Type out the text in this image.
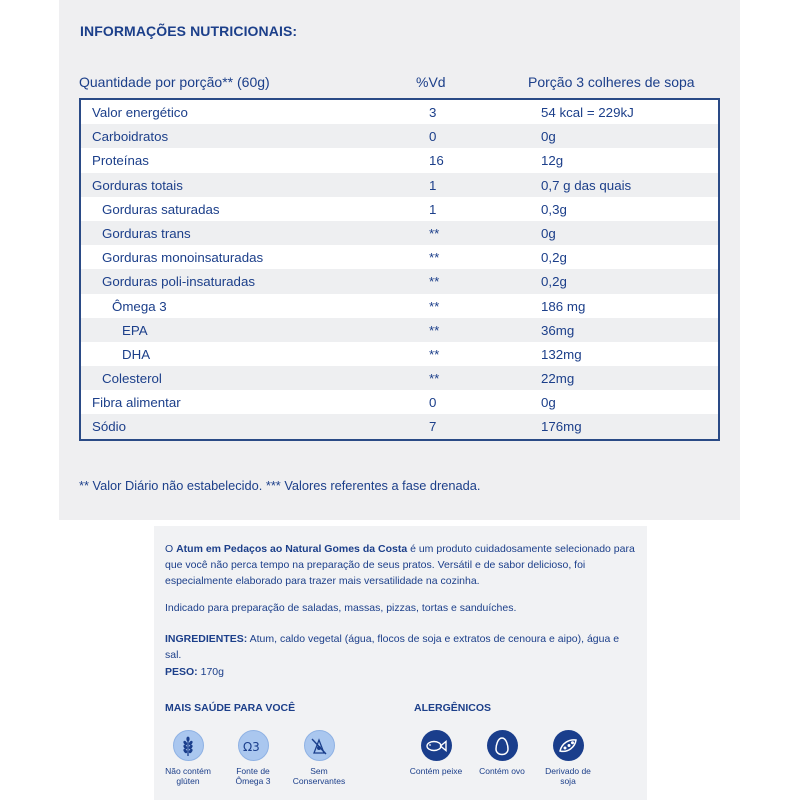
INFORMAÇÕES NUTRICIONAIS:
Quantidade por porção** (60g)	%Vd	Porção 3 colheres de sopa
Valor energético	3	54 kcal = 229kJ
Carboidratos	0	0g
Proteínas	16	12g
Gorduras totais	1	0,7 g das quais
Gorduras saturadas	1	0,3g
Gorduras trans	**	0g
Gorduras monoinsaturadas	**	0,2g
Gorduras poli-insaturadas	**	0,2g
Ômega 3	**	186 mg
EPA	**	36mg
DHA	**	132mg
Colesterol	**	22mg
Fibra alimentar	0	0g
Sódio	7	176mg
** Valor Diário não estabelecido. *** Valores referentes a fase drenada.
O Atum em Pedaços ao Natural Gomes da Costa é um produto cuidadosamente selecionado para que você não perca tempo na preparação de seus pratos. Versátil e de sabor delicioso, foi especialmente elaborado para trazer mais versatilidade na cozinha.
Indicado para preparação de saladas, massas, pizzas, tortas e sanduíches.
INGREDIENTES: Atum, caldo vegetal (água, flocos de soja e extratos de cenoura e aipo), água e sal.
PESO: 170g
MAIS SAÚDE PARA VOCÊ	ALERGÊNICOS
Não contém
glúten
Ω3
Fonte de
Ômega 3
Sem
Conservantes
Contém peixe	Contém ovo	Derivado de
soja
